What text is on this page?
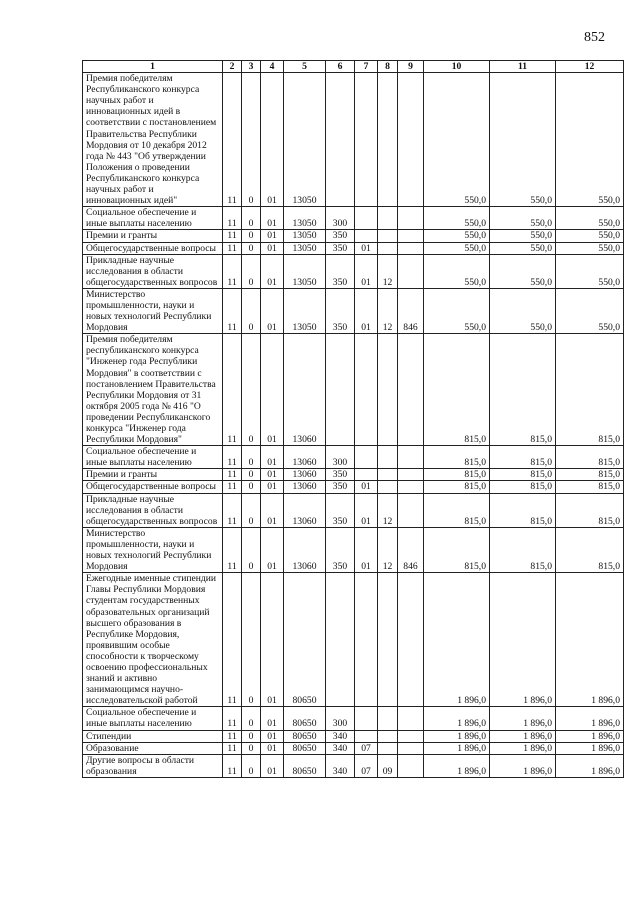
852
1	2	3	4	5	6	7	8	9	10	11	12
Премия победителям Республиканского конкурса научных работ и инновационных идей в соответствии с постановлением Правительства Республики Мордовия от 10 декабря 2012 года № 443 "Об утверждении Положения о проведении Республиканского конкурса научных работ и инновационных идей"	11	0	01	13050					550,0	550,0	550,0
Социальное обеспечение и иные выплаты населению	11	0	01	13050	300				550,0	550,0	550,0
Премии и гранты	11	0	01	13050	350				550,0	550,0	550,0
Общегосударственные вопросы	11	0	01	13050	350	01			550,0	550,0	550,0
Прикладные научные исследования в области общегосударственных вопросов	11	0	01	13050	350	01	12		550,0	550,0	550,0
Министерство промышленности, науки и новых технологий Республики Мордовия	11	0	01	13050	350	01	12	846	550,0	550,0	550,0
Премия победителям республиканского конкурса "Инженер года Республики Мордовия" в соответствии с постановлением Правительства Республики Мордовия от 31 октября 2005 года № 416 "О проведении Республиканского конкурса "Инженер года Республики Мордовия"	11	0	01	13060					815,0	815,0	815,0
Социальное обеспечение и иные выплаты населению	11	0	01	13060	300				815,0	815,0	815,0
Премии и гранты	11	0	01	13060	350				815,0	815,0	815,0
Общегосударственные вопросы	11	0	01	13060	350	01			815,0	815,0	815,0
Прикладные научные исследования в области общегосударственных вопросов	11	0	01	13060	350	01	12		815,0	815,0	815,0
Министерство промышленности, науки и новых технологий Республики Мордовия	11	0	01	13060	350	01	12	846	815,0	815,0	815,0
Ежегодные именные стипендии Главы Республики Мордовия студентам государственных образовательных организаций высшего образования в Республике Мордовия, проявившим особые способности к творческому освоению профессиональных знаний и активно занимающимся научно-исследовательской работой	11	0	01	80650					1 896,0	1 896,0	1 896,0
Социальное обеспечение и иные выплаты населению	11	0	01	80650	300				1 896,0	1 896,0	1 896,0
Стипендии	11	0	01	80650	340				1 896,0	1 896,0	1 896,0
Образование	11	0	01	80650	340	07			1 896,0	1 896,0	1 896,0
Другие вопросы в области образования	11	0	01	80650	340	07	09		1 896,0	1 896,0	1 896,0
